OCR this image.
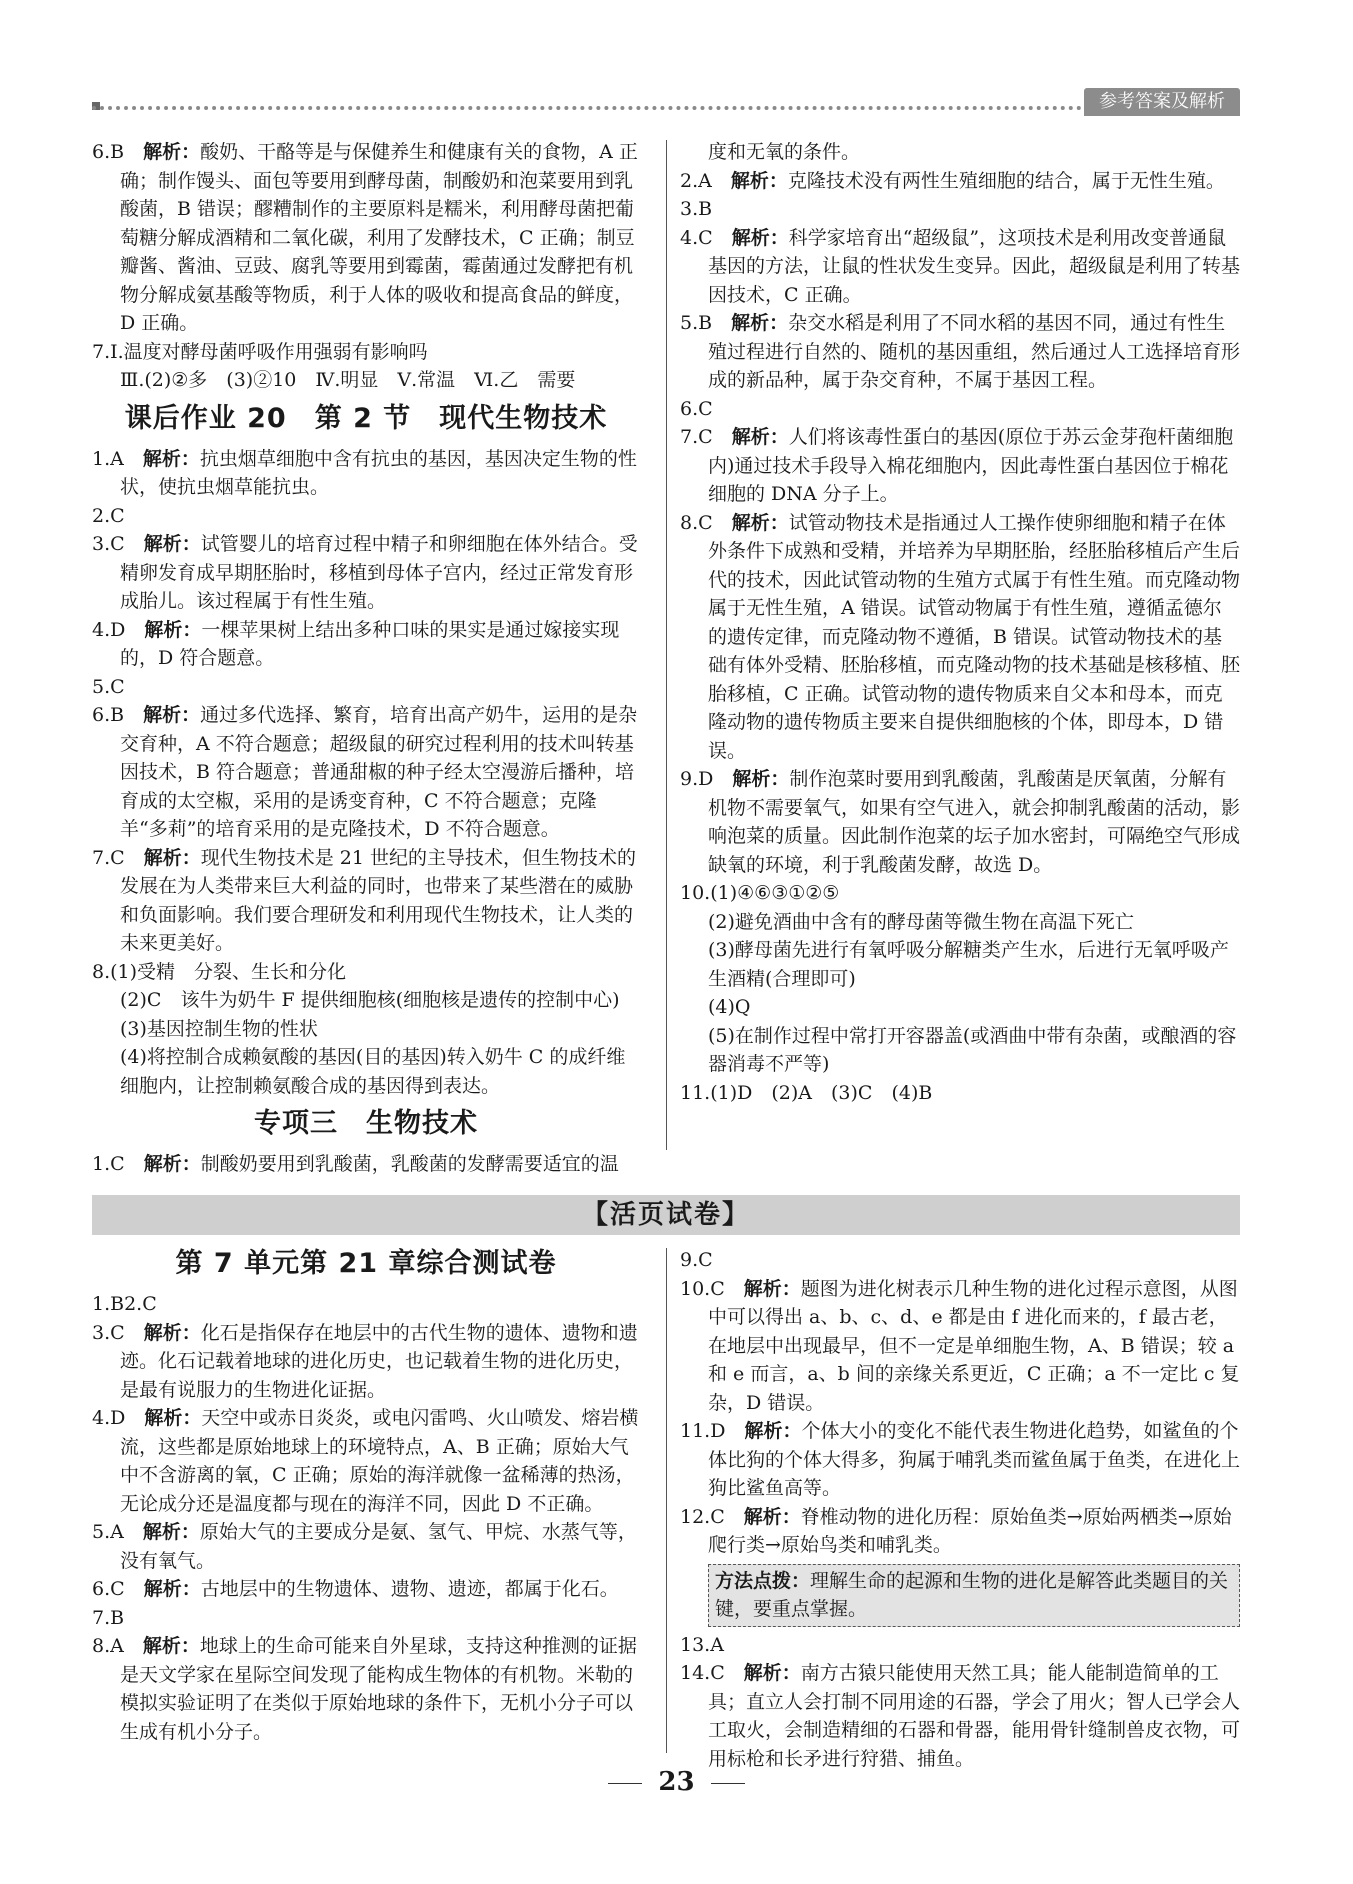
参考答案及解析

6.B　 解析：酸奶、干酪等是与保健养生和健康有关的食物，A 正确；制作馒头、面包等要用到酵母菌，制酸奶和泡菜要用到乳酸菌，B 错误；醪糟制作的主要原料是糯米，利用酵母菌把葡萄糖分解成酒精和二氧化碳，利用了发酵技术，C 正确；制豆瓣酱、酱油、豆豉、腐乳等要用到霉菌，霉菌通过发酵把有机物分解成氨基酸等物质，利于人体的吸收和提高食品的鲜度，D 正确。

7.Ⅰ.温度对酵母菌呼吸作用强弱有影响吗

Ⅲ.(2)②多　(3)②10　Ⅳ.明显　Ⅴ.常温　Ⅵ.乙　需要

课后作业 20　第 2 节　现代生物技术

1.A　 解析：抗虫烟草细胞中含有抗虫的基因，基因决定生物的性状，使抗虫烟草能抗虫。

2.C

3.C　 解析：试管婴儿的培育过程中精子和卵细胞在体外结合。受精卵发育成早期胚胎时，移植到母体子宫内，经过正常发育形成胎儿。该过程属于有性生殖。

4.D　 解析：一棵苹果树上结出多种口味的果实是通过嫁接实现的，D 符合题意。

5.C

6.B　 解析：通过多代选择、繁育，培育出高产奶牛，运用的是杂交育种，A 不符合题意；超级鼠的研究过程利用的技术叫转基因技术，B 符合题意；普通甜椒的种子经太空漫游后播种，培育成的太空椒，采用的是诱变育种，C 不符合题意；克隆羊“多莉”的培育采用的是克隆技术，D 不符合题意。

7.C　 解析：现代生物技术是 21 世纪的主导技术，但生物技术的发展在为人类带来巨大利益的同时，也带来了某些潜在的威胁和负面影响。我们要合理研发和利用现代生物技术，让人类的未来更美好。

8.(1)受精　分裂、生长和分化

(2)C　该牛为奶牛 F 提供细胞核(细胞核是遗传的控制中心)

(3)基因控制生物的性状

(4)将控制合成赖氨酸的基因(目的基因)转入奶牛 C 的成纤维细胞内，让控制赖氨酸合成的基因得到表达。

专项三　生物技术

1.C　 解析：制酸奶要用到乳酸菌，乳酸菌的发酵需要适宜的温

度和无氧的条件。

2.A　 解析：克隆技术没有两性生殖细胞的结合，属于无性生殖。

3.B

4.C　 解析：科学家培育出“超级鼠”，这项技术是利用改变普通鼠基因的方法，让鼠的性状发生变异。因此，超级鼠是利用了转基因技术，C 正确。

5.B　 解析：杂交水稻是利用了不同水稻的基因不同，通过有性生殖过程进行自然的、随机的基因重组，然后通过人工选择培育形成的新品种，属于杂交育种，不属于基因工程。

6.C

7.C　 解析：人们将该毒性蛋白的基因(原位于苏云金芽孢杆菌细胞内)通过技术手段导入棉花细胞内，因此毒性蛋白基因位于棉花细胞的 DNA 分子上。

8.C　 解析：试管动物技术是指通过人工操作使卵细胞和精子在体外条件下成熟和受精，并培养为早期胚胎，经胚胎移植后产生后代的技术，因此试管动物的生殖方式属于有性生殖。而克隆动物属于无性生殖，A 错误。试管动物属于有性生殖，遵循孟德尔的遗传定律，而克隆动物不遵循，B 错误。试管动物技术的基础有体外受精、胚胎移植，而克隆动物的技术基础是核移植、胚胎移植，C 正确。试管动物的遗传物质来自父本和母本，而克隆动物的遗传物质主要来自提供细胞核的个体，即母本，D 错误。

9.D　 解析：制作泡菜时要用到乳酸菌，乳酸菌是厌氧菌，分解有机物不需要氧气，如果有空气进入，就会抑制乳酸菌的活动，影响泡菜的质量。因此制作泡菜的坛子加水密封，可隔绝空气形成缺氧的环境，利于乳酸菌发酵，故选 D。

10.(1)④⑥③①②⑤

(2)避免酒曲中含有的酵母菌等微生物在高温下死亡

(3)酵母菌先进行有氧呼吸分解糖类产生水，后进行无氧呼吸产生酒精(合理即可)

(4)Q

(5)在制作过程中常打开容器盖(或酒曲中带有杂菌，或酿酒的容器消毒不严等)

11.(1)D　(2)A　(3)C　(4)B

【活页试卷】
第 7 单元第 21 章综合测试卷

1.B2.C

3.C　 解析：化石是指保存在地层中的古代生物的遗体、遗物和遗迹。化石记载着地球的进化历史，也记载着生物的进化历史，是最有说服力的生物进化证据。

4.D　 解析：天空中或赤日炎炎，或电闪雷鸣、火山喷发、熔岩横流，这些都是原始地球上的环境特点，A、B 正确；原始大气中不含游离的氧，C 正确；原始的海洋就像一盆稀薄的热汤，无论成分还是温度都与现在的海洋不同，因此 D 不正确。

5.A　 解析：原始大气的主要成分是氨、氢气、甲烷、水蒸气等，没有氧气。

6.C　 解析：古地层中的生物遗体、遗物、遗迹，都属于化石。

7.B

8.A　 解析：地球上的生命可能来自外星球，支持这种推测的证据是天文学家在星际空间发现了能构成生物体的有机物。米勒的模拟实验证明了在类似于原始地球的条件下，无机小分子可以生成有机小分子。

9.C

10.C　 解析：题图为进化树表示几种生物的进化过程示意图，从图中可以得出 a、b、c、d、e 都是由 f 进化而来的，f 最古老，在地层中出现最早，但不一定是单细胞生物，A、B 错误；较 a 和 e 而言，a、b 间的亲缘关系更近，C 正确；a 不一定比 c 复杂，D 错误。

11.D　 解析：个体大小的变化不能代表生物进化趋势，如鲨鱼的个体比狗的个体大得多，狗属于哺乳类而鲨鱼属于鱼类，在进化上狗比鲨鱼高等。

12.C　 解析：脊椎动物的进化历程：原始鱼类→原始两栖类→原始爬行类→原始鸟类和哺乳类。

方法点拨：理解生命的起源和生物的进化是解答此类题目的关键，要重点掌握。

13.A

14.C　 解析：南方古猿只能使用天然工具；能人能制造简单的工具；直立人会打制不同用途的石器，学会了用火；智人已学会人工取火，会制造精细的石器和骨器，能用骨针缝制兽皮衣物，可用标枪和长矛进行狩猎、捕鱼。

23
